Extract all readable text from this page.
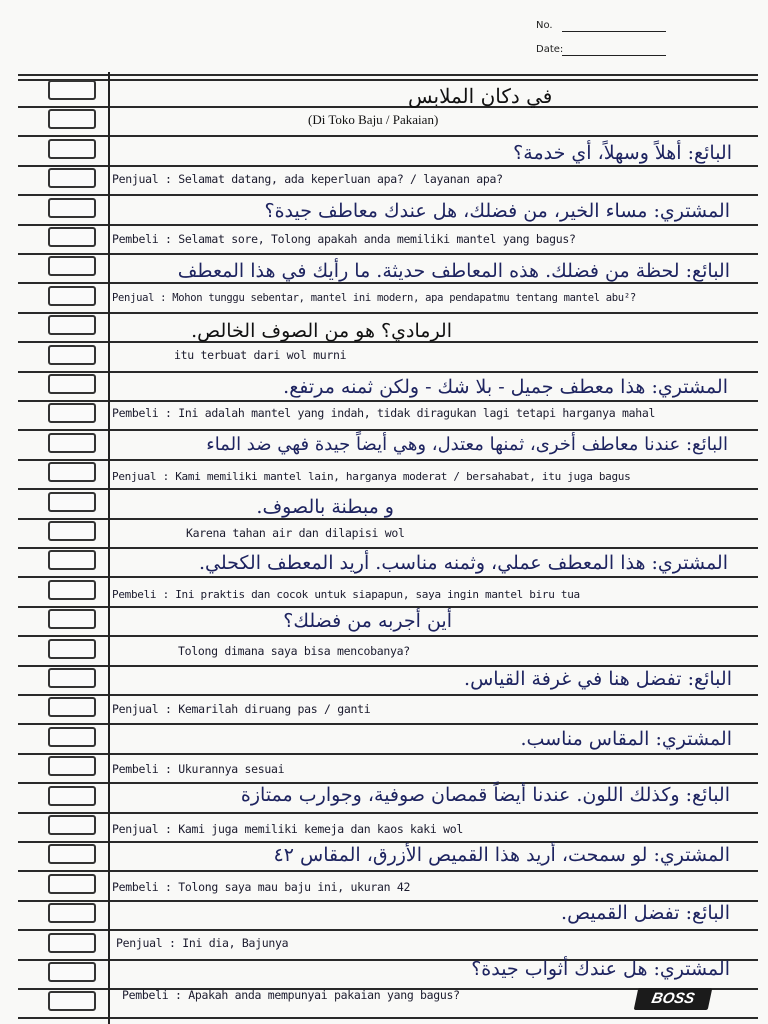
No.
Date:
في دكان الملابس
(Di Toko Baju / Pakaian)
البائع: أهلاً وسهلاً، أي خدمة؟
Penjual : Selamat datang, ada keperluan apa? / layanan apa?
المشتري: مساء الخير، من فضلك، هل عندك معاطف جيدة؟
Pembeli : Selamat sore, Tolong apakah anda memiliki mantel yang bagus?
البائع: لحظة من فضلك. هذه المعاطف حديثة. ما رأيك في هذا المعطف
Penjual : Mohon tunggu sebentar, mantel ini modern, apa pendapatmu tentang mantel abu²?
الرمادي؟ هو من الصوف الخالص.
itu terbuat dari wol murni
المشتري: هذا معطف جميل - بلا شك - ولكن ثمنه مرتفع.
Pembeli : Ini adalah mantel yang indah, tidak diragukan lagi tetapi harganya mahal
البائع: عندنا معاطف أخرى، ثمنها معتدل، وهي أيضاً جيدة فهي ضد الماء
Penjual : Kami memiliki mantel lain, harganya moderat / bersahabat, itu juga bagus
و مبطنة بالصوف.
Karena tahan air dan dilapisi wol
المشتري: هذا المعطف عملي، وثمنه مناسب. أريد المعطف الكحلي.
Pembeli : Ini praktis dan cocok untuk siapapun, saya ingin mantel biru tua
أين أجربه من فضلك؟
Tolong dimana saya bisa mencobanya?
البائع: تفضل هنا في غرفة القياس.
Penjual : Kemarilah diruang pas / ganti
المشتري: المقاس مناسب.
Pembeli : Ukurannya sesuai
البائع: وكذلك اللون. عندنا أيضاً قمصان صوفية، وجوارب ممتازة
Penjual : Kami juga memiliki kemeja dan kaos kaki wol
المشتري: لو سمحت، أريد هذا القميص الأزرق، المقاس ٤٢
Pembeli : Tolong saya mau baju ini, ukuran 42
البائع: تفضل القميص.
Penjual : Ini dia, Bajunya
المشتري: هل عندك أثواب جيدة؟
Pembeli : Apakah anda mempunyai pakaian yang bagus?	BOSS
